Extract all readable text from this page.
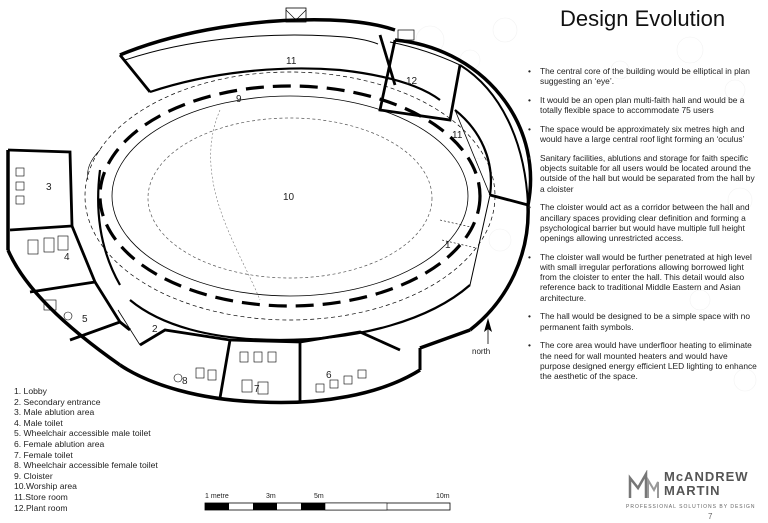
1
2
3
4
5
6
7
8
9
10
11
11
12
north
1 metre	3m	5m	10m
Design Evolution
• The central core of the building would be elliptical in plan suggesting an ‘eye’.
• It would be an open plan multi-faith hall and would be a totally flexible space to accommodate 75 users
• The space would be approximately six metres high and would have a large central roof light forming an ‘oculus’
• Sanitary facilities, ablutions and storage for faith specific objects suitable for all users would be located around the outside of the hall but would be separated from the hall by a cloister
• The cloister would act as a corridor between the hall and ancillary spaces providing clear definition and forming a psychological barrier but would have multiple full height openings allowing unrestricted access.
• The cloister wall would be further penetrated at high level with small irregular perforations allowing borrowed light from the cloister to enter the hall. This detail would also reference back to traditional Middle Eastern and Asian architecture.
• The hall would be designed to be a simple space with no permanent faith symbols.
• The core area would have underfloor heating to eliminate the need for wall mounted heaters and would have purpose designed energy efficient LED lighting to enhance the aesthetic of the space.
1. Lobby
2. Secondary entrance
3. Male ablution area
4. Male toilet
5. Wheelchair accessible male toilet
6. Female ablution area
7. Female toilet
8. Wheelchair accessible female toilet
9. Cloister
10.Worship area
11.Store room
12.Plant room
McANDREW MARTIN
PROFESSIONAL SOLUTIONS BY DESIGN
7
